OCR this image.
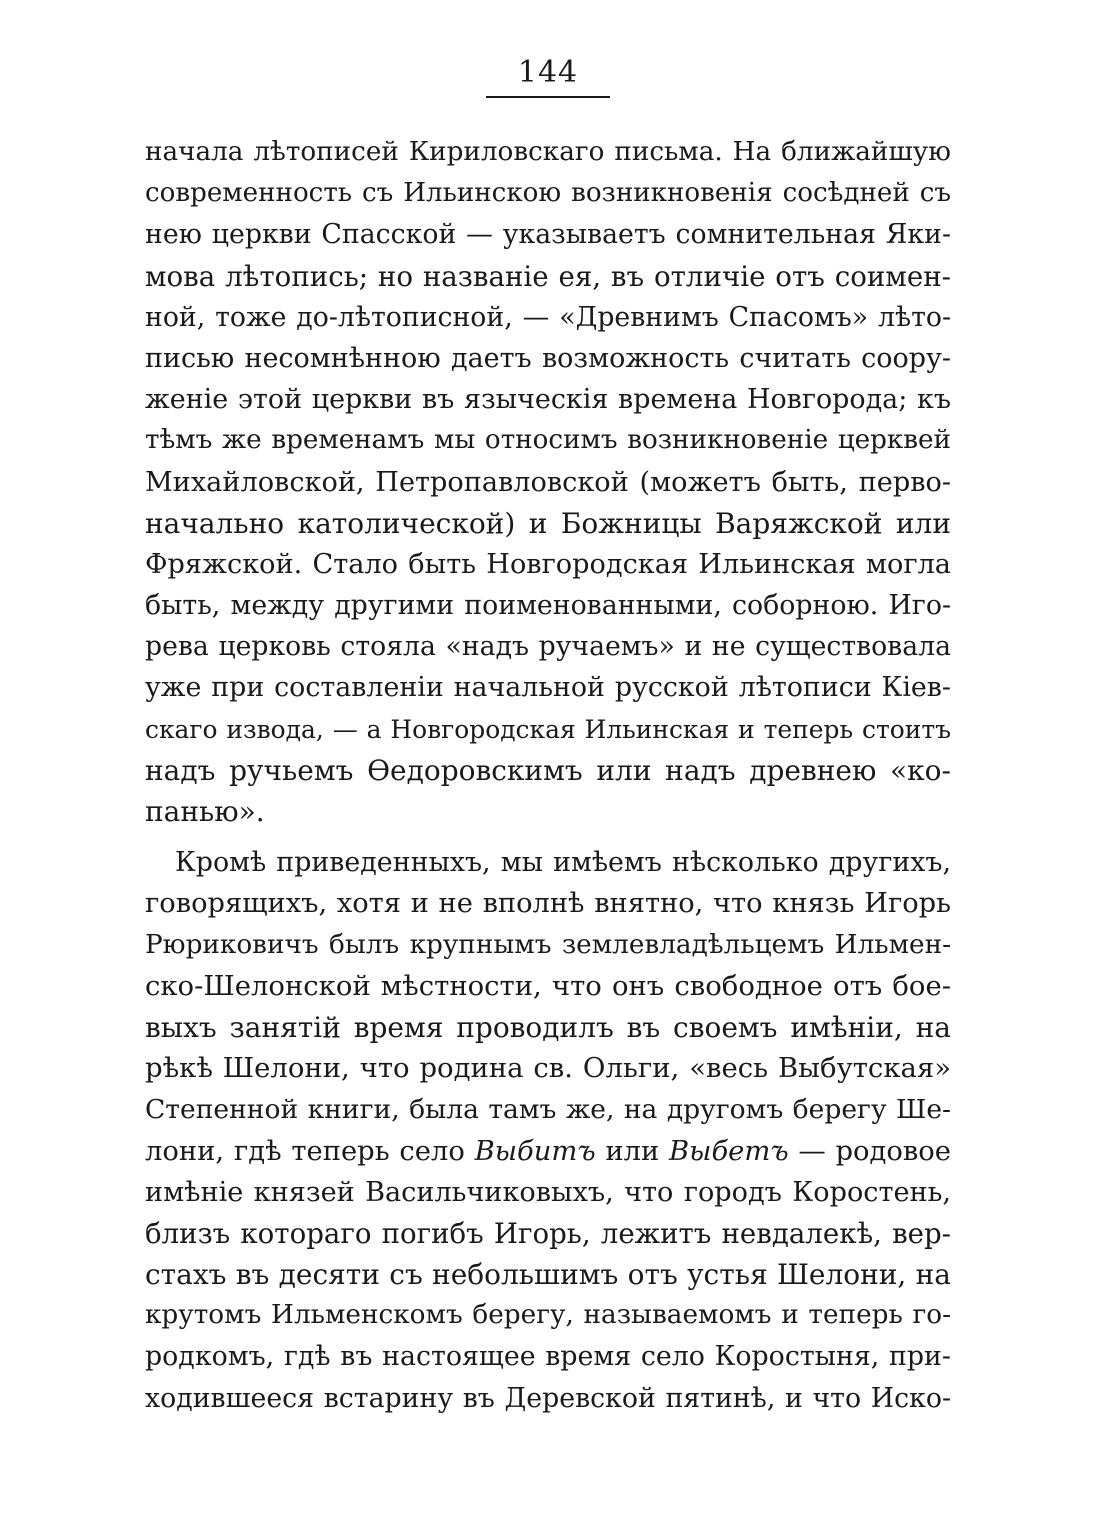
144
начала лѣтописей Кириловскаго письма. На ближайшую
современность съ Ильинскою возникновенія сосѣдней съ
нею церкви Спасской — указываетъ сомнительная Яки-
мова лѣтопись; но названіе ея, въ отличіе отъ соимен-
ной, тоже до-лѣтописной, — «Древнимъ Спасомъ» лѣто-
писью несомнѣнною даетъ возможность считать соору-
женіе этой церкви въ языческія времена Новгорода; къ
тѣмъ же временамъ мы относимъ возникновеніе церквей
Михайловской, Петропавловской (можетъ быть, перво-
начально католической) и Божницы Варяжской или
Фряжской. Стало быть Новгородская Ильинская могла
быть, между другими поименованными, соборною. Иго-
рева церковь стояла «надъ ручаемъ» и не существовала
уже при составленіи начальной русской лѣтописи Кіев-
скаго извода, — а Новгородская Ильинская и теперь стоитъ
надъ ручьемъ Ѳедоровскимъ или надъ древнею «ко-
панью».
Кромѣ приведенныхъ, мы имѣемъ нѣсколько другихъ,
говорящихъ, хотя и не вполнѣ внятно, что князь Игорь
Рюриковичъ былъ крупнымъ землевладѣльцемъ Ильмен-
ско-Шелонской мѣстности, что онъ свободное отъ бое-
выхъ занятій время проводилъ въ своемъ имѣніи, на
рѣкѣ Шелони, что родина св. Ольги, «весь Выбутская»
Степенной книги, была тамъ же, на другомъ берегу Ше-
лони, гдѣ теперь село Выбитъ или Выбетъ — родовое
имѣніе князей Васильчиковыхъ, что городъ Коростень,
близъ котораго погибъ Игорь, лежитъ невдалекѣ, вер-
стахъ въ десяти съ небольшимъ отъ устья Шелони, на
крутомъ Ильменскомъ берегу, называемомъ и теперь го-
родкомъ, гдѣ въ настоящее время село Коростыня, при-
ходившееся встарину въ Деревской пятинѣ, и что Иско-
